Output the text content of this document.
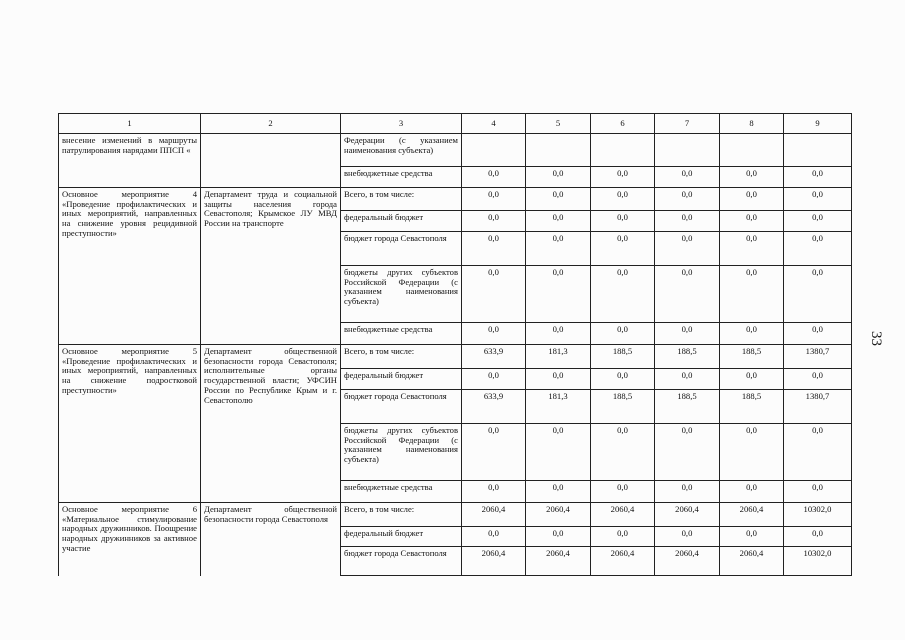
33
1	2	3	4	5	6	7	8	9
внесение изменений в маршруты патрулирования нарядами ППСП «		Федерации (с указанием наименования субъекта)						
		внебюджетные средства	0,0	0,0	0,0	0,0	0,0	0,0
Основное мероприятие 4 «Проведение профилактических и иных мероприятий, направленных на снижение уровня рецидивной преступности»	Департамент труда и социальной защиты населения города Севастополя; Крымское ЛУ МВД России на транспорте	Всего, в том числе:	0,0	0,0	0,0	0,0	0,0	0,0
		федеральный бюджет	0,0	0,0	0,0	0,0	0,0	0,0
		бюджет города Севастополя	0,0	0,0	0,0	0,0	0,0	0,0
		бюджеты других субъектов Российской Федерации (с указанием наименования субъекта)	0,0	0,0	0,0	0,0	0,0	0,0
		внебюджетные средства	0,0	0,0	0,0	0,0	0,0	0,0
Основное мероприятие 5 «Проведение профилактических и иных мероприятий, направленных на снижение подростковой преступности»	Департамент общественной безопасности города Севастополя; исполнительные органы государственной власти; УФСИН России по Республике Крым и г. Севастополю	Всего, в том числе:	633,9	181,3	188,5	188,5	188,5	1380,7
		федеральный бюджет	0,0	0,0	0,0	0,0	0,0	0,0
		бюджет города Севастополя	633,9	181,3	188,5	188,5	188,5	1380,7
		бюджеты других субъектов Российской Федерации (с указанием наименования субъекта)	0,0	0,0	0,0	0,0	0,0	0,0
		внебюджетные средства	0,0	0,0	0,0	0,0	0,0	0,0
Основное мероприятие 6 «Материальное стимулирование народных дружинников. Поощрение народных дружинников за активное участие	Департамент общественной безопасности города Севастополя	Всего, в том числе:	2060,4	2060,4	2060,4	2060,4	2060,4	10302,0
		федеральный бюджет	0,0	0,0	0,0	0,0	0,0	0,0
		бюджет города Севастополя	2060,4	2060,4	2060,4	2060,4	2060,4	10302,0
